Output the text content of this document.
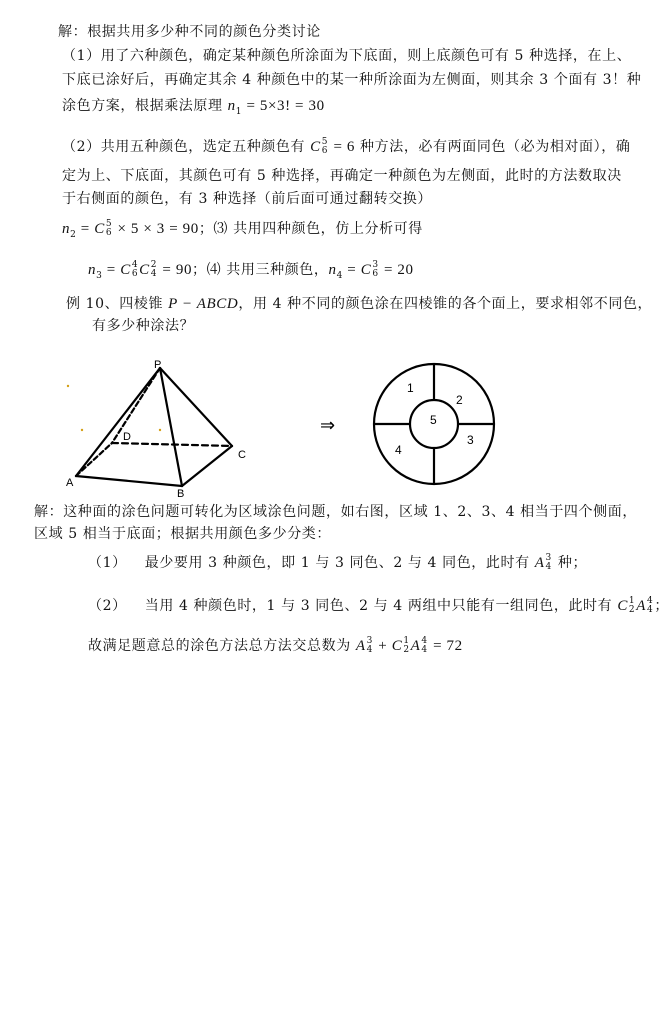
解：根据共用多少种不同的颜色分类讨论
（1）用了六种颜色，确定某种颜色所涂面为下底面，则上底颜色可有 5 种选择，在上、
下底已涂好后，再确定其余 4 种颜色中的某一种所涂面为左侧面，则其余 3 个面有 3！种
涂色方案，根据乘法原理 $n_1 = 5\times 3$! = 30
（2）共用五种颜色，选定五种颜色有 C 5
6 = 6 种方法，必有两面同色（必为相对面），确
定为上、下底面，其颜色可有 5 种选择，再确定一种颜色为左侧面，此时的方法数取决
于右侧面的颜色，有 3 种选择（前后面可通过翻转交换）
$n_2 = C$ 5
6 × 5 × 3 = 90；⑶ 共用四种颜色，仿上分析可得
$n_3 = C$ 4
6 C 2
4 = 90；⑷ 共用三种颜色，$n_4 = C$ 3
6 = 20
例 10、四棱锥 P − ABCD，用 4 种不同的颜色涂在四棱锥的各个面上，要求相邻不同色，
有多少种涂法？
P
A
B
C
D
⇒
1
2
3
4
5
解：这种面的涂色问题可转化为区域涂色问题，如右图，区域 1、2、3、4 相当于四个侧面，
区域 5 相当于底面；根据共用颜色多少分类：
（1） 最少要用 3 种颜色，即 1 与 3 同色、2 与 4 同色，此时有 A 3
4 种；
（2） 当用 4 种颜色时，1 与 3 同色、2 与 4 两组中只能有一组同色，此时有 C 1
2 A 4
4 ；
故满足题意总的涂色方法总方法交总数为 A 3
4 + C 1
2 A 4
4 = 72
